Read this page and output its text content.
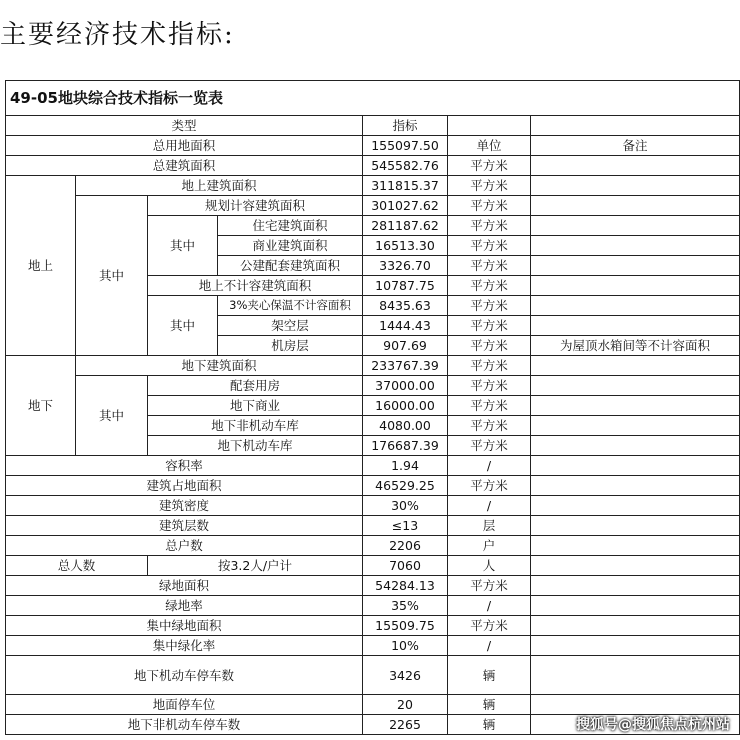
主要经济技术指标:
49-05地块综合技术指标一览表						
类型				指标		
总用地面积				155097.50	单位	备注
总建筑面积				545582.76	平方米	
地上	地上建筑面积			311815.37	平方米	
	其中	规划计容建筑面积		301027.62	平方米	
		其中	住宅建筑面积	281187.62	平方米	
			商业建筑面积	16513.30	平方米	
			公建配套建筑面积	3326.70	平方米	
		地上不计容建筑面积		10787.75	平方米	
		其中	3%夹心保温不计容面积	8435.63	平方米	
			架空层	1444.43	平方米	
			机房层	907.69	平方米	为屋顶水箱间等不计容面积
地下	地下建筑面积			233767.39	平方米	
	其中	配套用房		37000.00	平方米	
		地下商业		16000.00	平方米	
		地下非机动车库		4080.00	平方米	
		地下机动车库		176687.39	平方米	
容积率				1.94	/	
建筑占地面积				46529.25	平方米	
建筑密度				30%	/	
建筑层数				≤13	层	
总户数				2206	户	
总人数		按3.2人/户计		7060	人	
绿地面积				54284.13	平方米	
绿地率				35%	/	
集中绿地面积				15509.75	平方米	
集中绿化率				10%	/	
地下机动车停车数				3426	辆	
地面停车位				20	辆	
地下非机动车停车数				2265	辆		搜狐号@搜狐焦点杭州站
